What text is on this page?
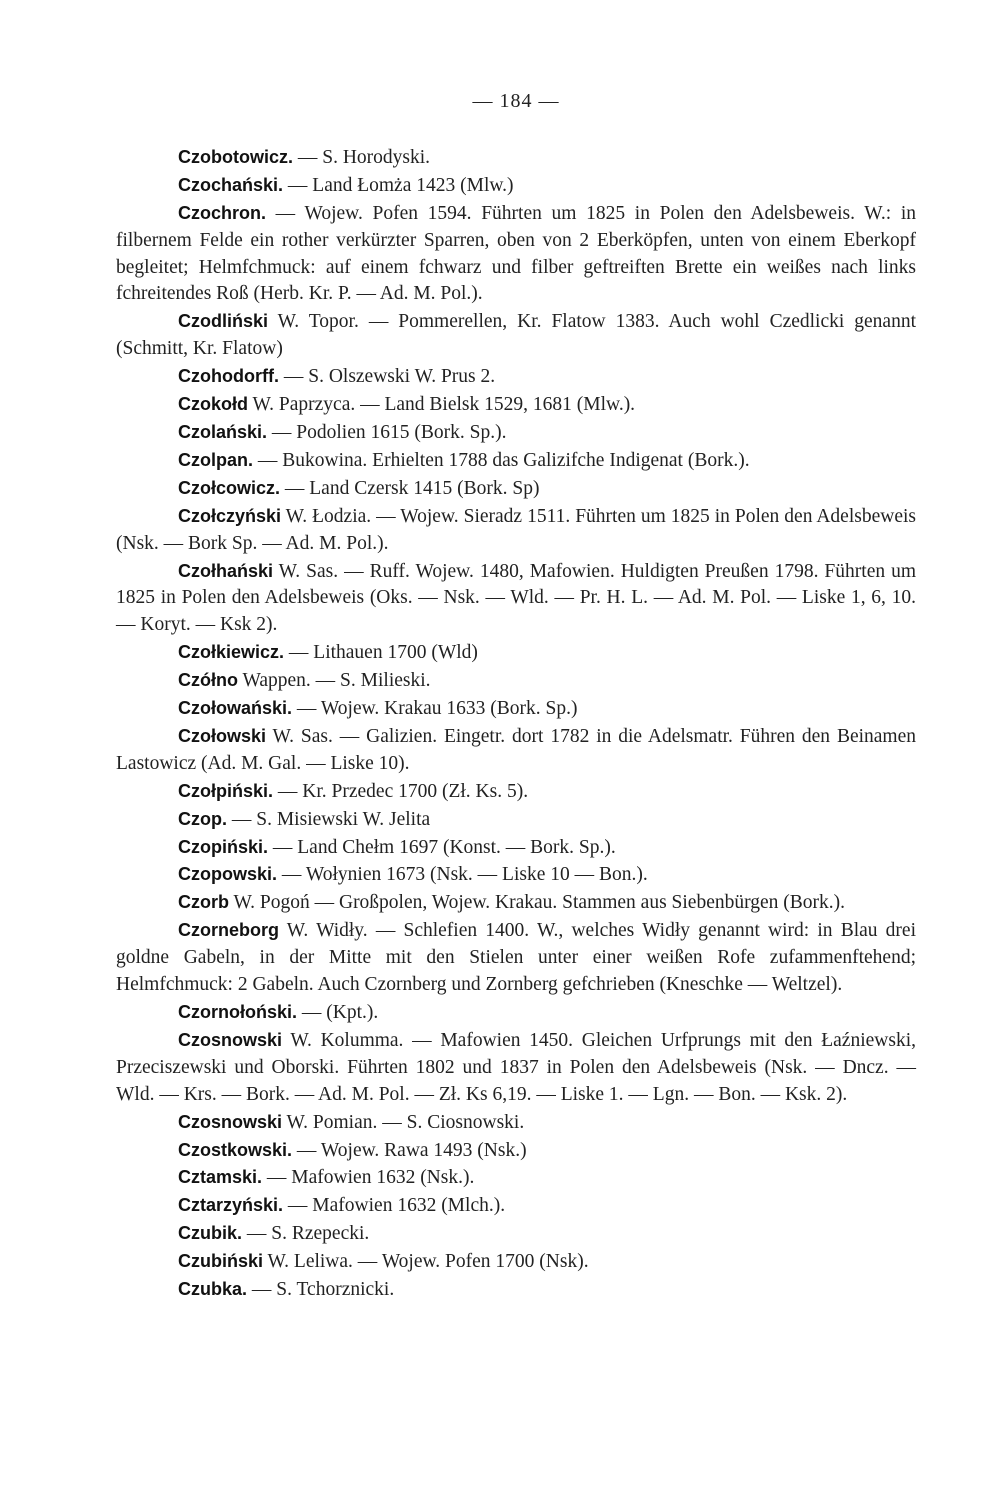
— 184 —

Czobotowicz. — S. Horodyski.

Czochański. — Land Łomża 1423 (Mlw.)

Czochron. — Wojew. Pofen 1594. Führten um 1825 in Polen den Adelsbeweis. W.: in filbernem Felde ein rother verkürzter Sparren, oben von 2 Eberköpfen, unten von einem Eberkopf begleitet; Helmfchmuck: auf einem fchwarz und filber geftreiften Brette ein weißes nach links fchreitendes Roß (Herb. Kr. P. — Ad. M. Pol.).

Czodliński W. Topor. — Pommerellen, Kr. Flatow 1383. Auch wohl Czedlicki genannt (Schmitt, Kr. Flatow)

Czohodorff. — S. Olszewski W. Prus 2.

Czokołd W. Paprzyca. — Land Bielsk 1529, 1681 (Mlw.).

Czolański. — Podolien 1615 (Bork. Sp.).

Czolpan. — Bukowina. Erhielten 1788 das Galizifche Indigenat (Bork.).

Czołcowicz. — Land Czersk 1415 (Bork. Sp)

Czołczyński W. Łodzia. — Wojew. Sieradz 1511. Führten um 1825 in Polen den Adelsbeweis (Nsk. — Bork Sp. — Ad. M. Pol.).

Czołhański W. Sas. — Ruff. Wojew. 1480, Mafowien. Huldigten Preußen 1798. Führten um 1825 in Polen den Adelsbeweis (Oks. — Nsk. — Wld. — Pr. H. L. — Ad. M. Pol. — Liske 1, 6, 10. — Koryt. — Ksk 2).

Czołkiewicz. — Lithauen 1700 (Wld)

Czółno Wappen. — S. Milieski.

Czołowański. — Wojew. Krakau 1633 (Bork. Sp.)

Czołowski W. Sas. — Galizien. Eingetr. dort 1782 in die Adelsmatr. Führen den Beinamen Lastowicz (Ad. M. Gal. — Liske 10).

Czołpiński. — Kr. Przedec 1700 (Zł. Ks. 5).

Czop. — S. Misiewski W. Jelita

Czopiński. — Land Chełm 1697 (Konst. — Bork. Sp.).

Czopowski. — Wołynien 1673 (Nsk. — Liske 10 — Bon.).

Czorb W. Pogoń — Großpolen, Wojew. Krakau. Stammen aus Siebenbürgen (Bork.).

Czorneborg W. Widły. — Schlefien 1400. W., welches Widły genannt wird: in Blau drei goldne Gabeln, in der Mitte mit den Stielen unter einer weißen Rofe zufammenftehend; Helmfchmuck: 2 Gabeln. Auch Czornberg und Zornberg gefchrieben (Kneschke — Weltzel).

Czornołoński. — (Kpt.).

Czosnowski W. Kolumma. — Mafowien 1450. Gleichen Urfprungs mit den Łaźniewski, Przeciszewski und Oborski. Führten 1802 und 1837 in Polen den Adelsbeweis (Nsk. — Dncz. — Wld. — Krs. — Bork. — Ad. M. Pol. — Zł. Ks 6,19. — Liske 1. — Lgn. — Bon. — Ksk. 2).

Czosnowski W. Pomian. — S. Ciosnowski.

Czostkowski. — Wojew. Rawa 1493 (Nsk.)

Cztamski. — Mafowien 1632 (Nsk.).

Cztarzyński. — Mafowien 1632 (Mlch.).

Czubik. — S. Rzepecki.

Czubiński W. Leliwa. — Wojew. Pofen 1700 (Nsk).

Czubka. — S. Tchorznicki.
